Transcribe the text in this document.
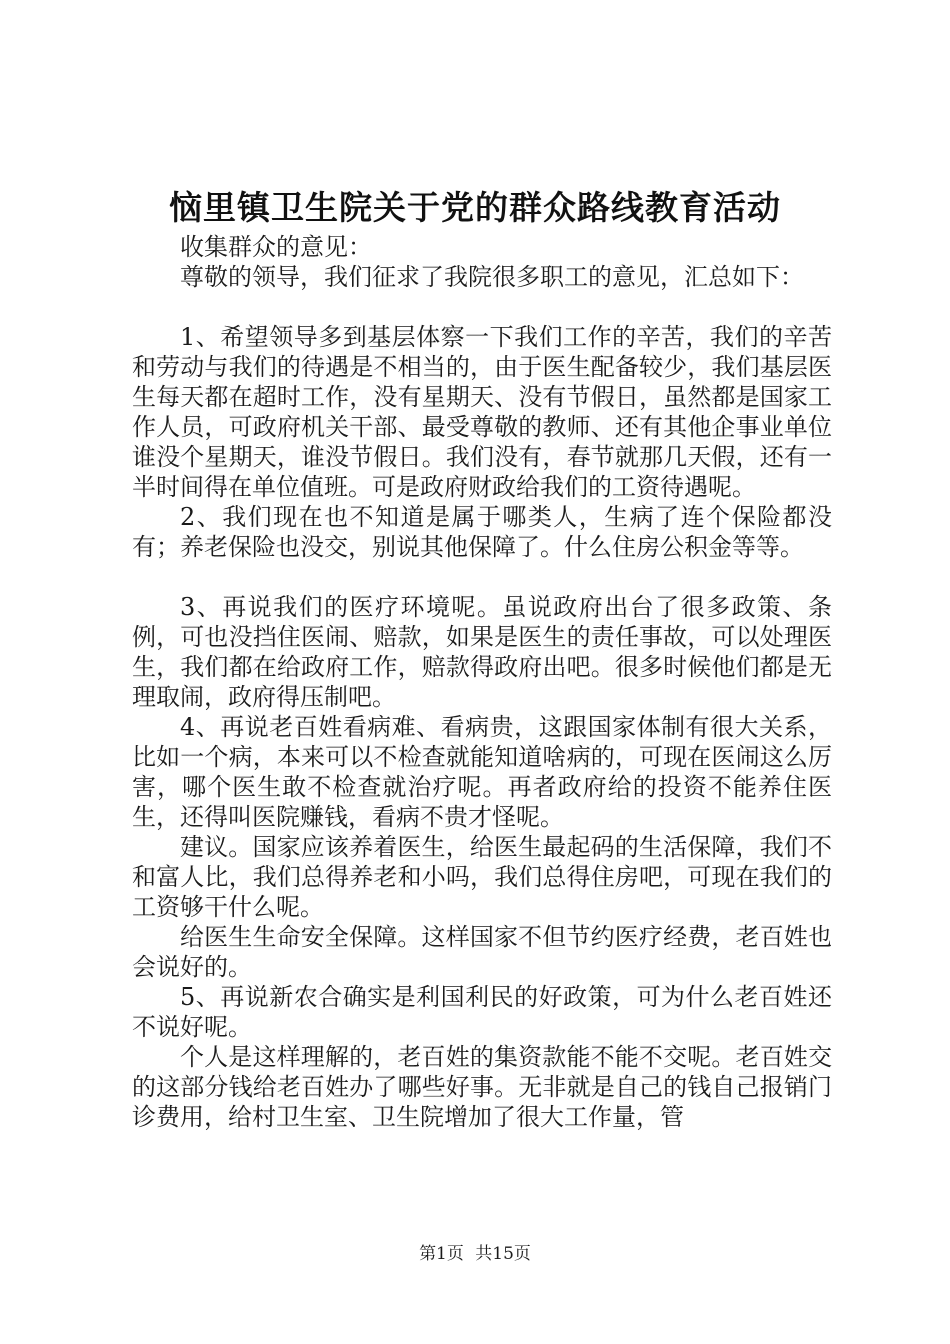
恼里镇卫生院关于党的群众路线教育活动

收集群众的意见：

尊敬的领导，我们征求了我院很多职工的意见，汇总如下：

1、希望领导多到基层体察一下我们工作的辛苦，我们的辛苦和劳动与我们的待遇是不相当的，由于医生配备较少，我们基层医生每天都在超时工作，没有星期天、没有节假日，虽然都是国家工作人员，可政府机关干部、最受尊敬的教师、还有其他企事业单位谁没个星期天，谁没节假日。我们没有，春节就那几天假，还有一半时间得在单位值班。可是政府财政给我们的工资待遇呢。

2、我们现在也不知道是属于哪类人，生病了连个保险都没有；养老保险也没交，别说其他保障了。什么住房公积金等等。

3、再说我们的医疗环境呢。虽说政府出台了很多政策、条例，可也没挡住医闹、赔款，如果是医生的责任事故，可以处理医生，我们都在给政府工作，赔款得政府出吧。很多时候他们都是无理取闹，政府得压制吧。

4、再说老百姓看病难、看病贵，这跟国家体制有很大关系，比如一个病，本来可以不检查就能知道啥病的，可现在医闹这么厉害，哪个医生敢不检查就治疗呢。再者政府给的投资不能养住医生，还得叫医院赚钱，看病不贵才怪呢。

建议。国家应该养着医生，给医生最起码的生活保障，我们不和富人比，我们总得养老和小吗，我们总得住房吧，可现在我们的工资够干什么呢。

给医生生命安全保障。这样国家不但节约医疗经费，老百姓也会说好的。

5、再说新农合确实是利国利民的好政策，可为什么老百姓还不说好呢。

个人是这样理解的，老百姓的集资款能不能不交呢。老百姓交的这部分钱给老百姓办了哪些好事。无非就是自己的钱自己报销门诊费用，给村卫生室、卫生院增加了很大工作量，管

第1页 共15页
